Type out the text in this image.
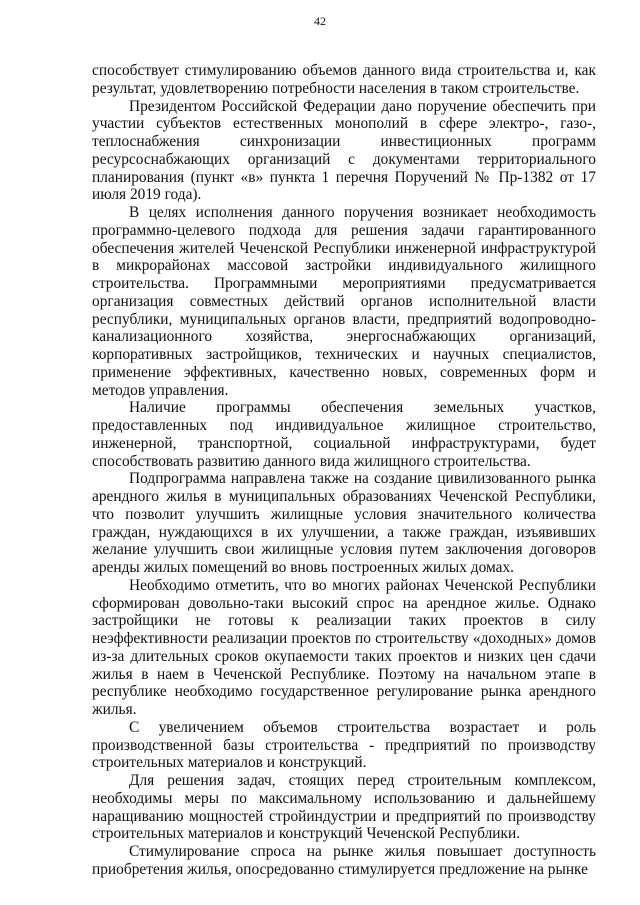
42

способствует стимулированию объемов данного вида строительства и, как результат, удовлетворению потребности населения в таком строительстве.

Президентом Российской Федерации дано поручение обеспечить при участии субъектов естественных монополий в сфере электро-, газо-, теплоснабжения синхронизации инвестиционных программ ресурсоснабжающих организаций с документами территориального планирования (пункт «в» пункта 1 перечня Поручений № Пр-1382 от 17 июля 2019 года).

В целях исполнения данного поручения возникает необходимость программно-целевого подхода для решения задачи гарантированного обеспечения жителей Чеченской Республики инженерной инфраструктурой в микрорайонах массовой застройки индивидуального жилищного строительства. Программными мероприятиями предусматривается организация совместных действий органов исполнительной власти республики, муниципальных органов власти, предприятий водопроводно-канализационного хозяйства, энергоснабжающих организаций, корпоративных застройщиков, технических и научных специалистов, применение эффективных, качественно новых, современных форм и методов управления.

Наличие программы обеспечения земельных участков, предоставленных под индивидуальное жилищное строительство, инженерной, транспортной, социальной инфраструктурами, будет способствовать развитию данного вида жилищного строительства.

Подпрограмма направлена также на создание цивилизованного рынка арендного жилья в муниципальных образованиях Чеченской Республики, что позволит улучшить жилищные условия значительного количества граждан, нуждающихся в их улучшении, а также граждан, изъявивших желание улучшить свои жилищные условия путем заключения договоров аренды жилых помещений во вновь построенных жилых домах.

Необходимо отметить, что во многих районах Чеченской Республики сформирован довольно-таки высокий спрос на арендное жилье. Однако застройщики не готовы к реализации таких проектов в силу неэффективности реализации проектов по строительству «доходных» домов из-за длительных сроков окупаемости таких проектов и низких цен сдачи жилья в наем в Чеченской Республике. Поэтому на начальном этапе в республике необходимо государственное регулирование рынка арендного жилья.

С увеличением объемов строительства возрастает и роль производственной базы строительства - предприятий по производству строительных материалов и конструкций.

Для решения задач, стоящих перед строительным комплексом, необходимы меры по максимальному использованию и дальнейшему наращиванию мощностей стройиндустрии и предприятий по производству строительных материалов и конструкций Чеченской Республики.

Стимулирование спроса на рынке жилья повышает доступность приобретения жилья, опосредованно стимулируется предложение на рынке
